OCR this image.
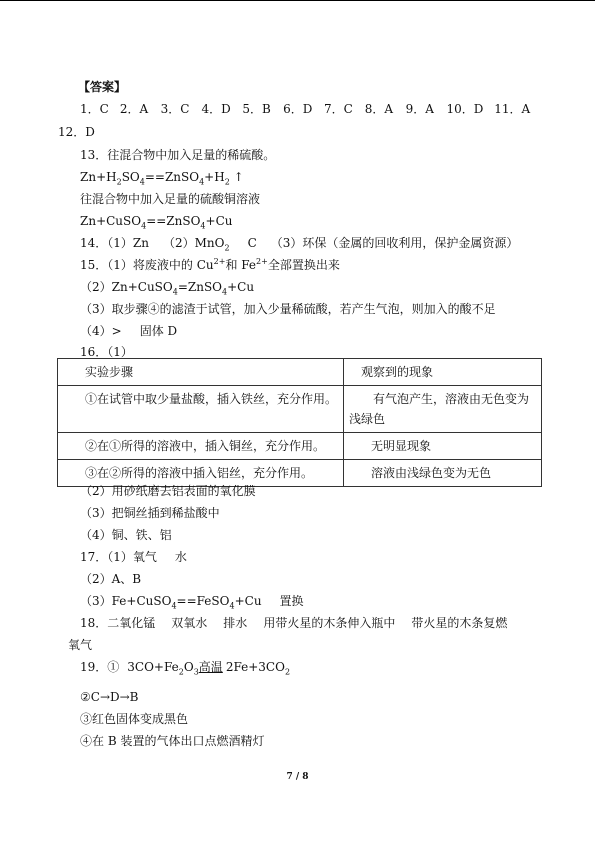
【答案】
1．C 2．A 3．C 4．D 5．B 6．D 7．C 8．A 9．A 10．D 11．A
12．D
13．往混合物中加入足量的稀硫酸。
$Zn+H_2SO_4==ZnSO_4+H_2$ ↑
往混合物中加入足量的硫酸铜溶液
Zn+CuSO$_4$==ZnSO$_4$+Cu
14．（1）Zn （2）MnO$_2$ C （3）环保（金属的回收利用，保护金属资源）
15．（1）将废液中的 $Cu^{2+}$和 $Fe^{2+}$全部置换出来
（2）Zn+CuSO$_4$=ZnSO$_4$+Cu
（3）取步骤④的滤渣于试管，加入少量稀硫酸，若产生气泡，则加入的酸不足
（4）> 固体 D
16．（1）
实验步骤	观察到的现象

①在试管中取少量盐酸，插入铁丝，充分作用。	有气泡产生，溶液由无色变为浅绿色

②在①所得的溶液中，插入铜丝，充分作用。	无明显现象
③在②所得的溶液中插入铝丝，充分作用。	溶液由浅绿色变为无色
（2）用砂纸磨去铝表面的氧化膜
（3）把铜丝插到稀盐酸中
（4）铜、铁、铝
17．（1）氧气 水
（2）A、B
（3）Fe+CuSO$_4$==FeSO$_4$+Cu 置换
18．二氧化锰 双氧水 排水 用带火星的木条伸入瓶中 带火星的木条复燃
氧气
19．① $3CO+Fe_2O_3$高温 $2Fe+3CO_2$
②C→D→B
③红色固体变成黑色
④在 B 装置的气体出口点燃酒精灯
7 / 8
